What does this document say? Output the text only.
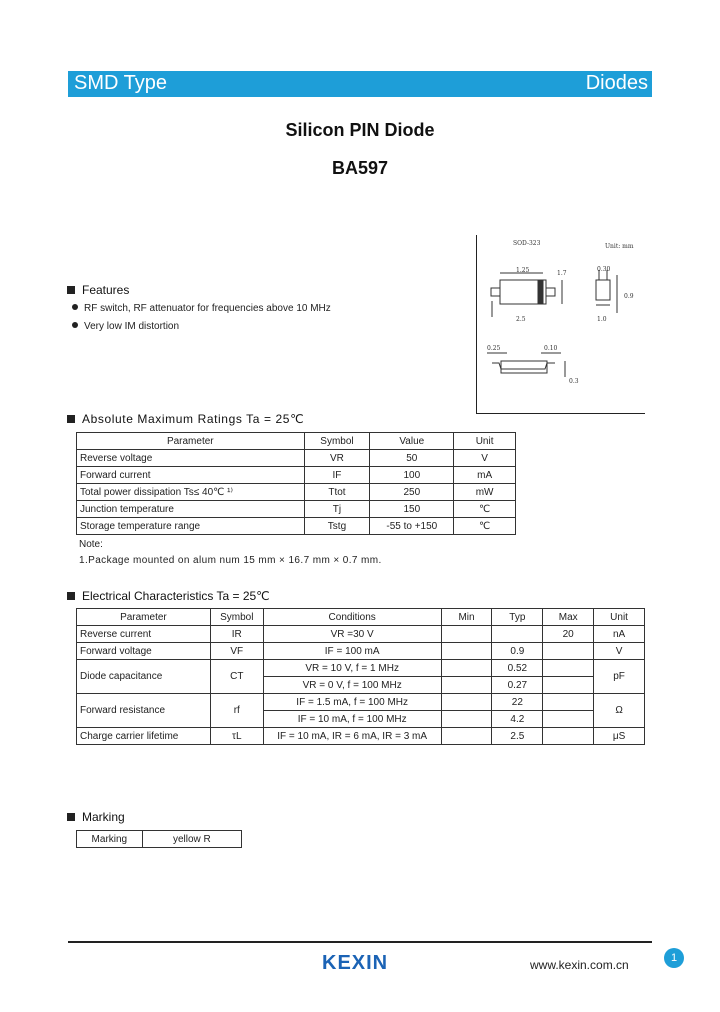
SMD Type	Diodes
Silicon PIN Diode
BA597
SOD-323	Unit: mm
1.25	1.7
2.5
0.30
0.9
1.0
0.25	0.10
0.3
Features
RF switch, RF attenuator for frequencies above 10 MHz
Very low IM distortion
Absolute Maximum Ratings Ta = 25℃
Parameter	Symbol	Value	Unit
Reverse voltage	VR	50	V
Forward current	IF	100	mA
Total power dissipation Ts≤ 40℃ ¹⁾	Ttot	250	mW
Junction temperature	Tj	150	℃
Storage temperature range	Tstg	-55 to +150	℃
Note:
1.Package mounted on alum num 15 mm × 16.7 mm × 0.7 mm.
Electrical Characteristics Ta = 25℃
Parameter	Symbol	Conditions	Min	Typ	Max	Unit
Reverse current	IR	VR =30 V			20	nA
Forward voltage	VF	IF = 100 mA		0.9		V
Diode capacitance	CT	VR = 10 V, f = 1 MHz		0.52		pF
		VR = 0 V, f = 100 MHz		0.27		
Forward resistance	rf	IF = 1.5 mA, f = 100 MHz		22		Ω
		IF = 10 mA, f = 100 MHz		4.2		
Charge carrier lifetime	τL	IF = 10 mA, IR = 6 mA, IR = 3 mA		2.5		μS
Marking
Marking	yellow R
KEXIN	www.kexin.com.cn	1
